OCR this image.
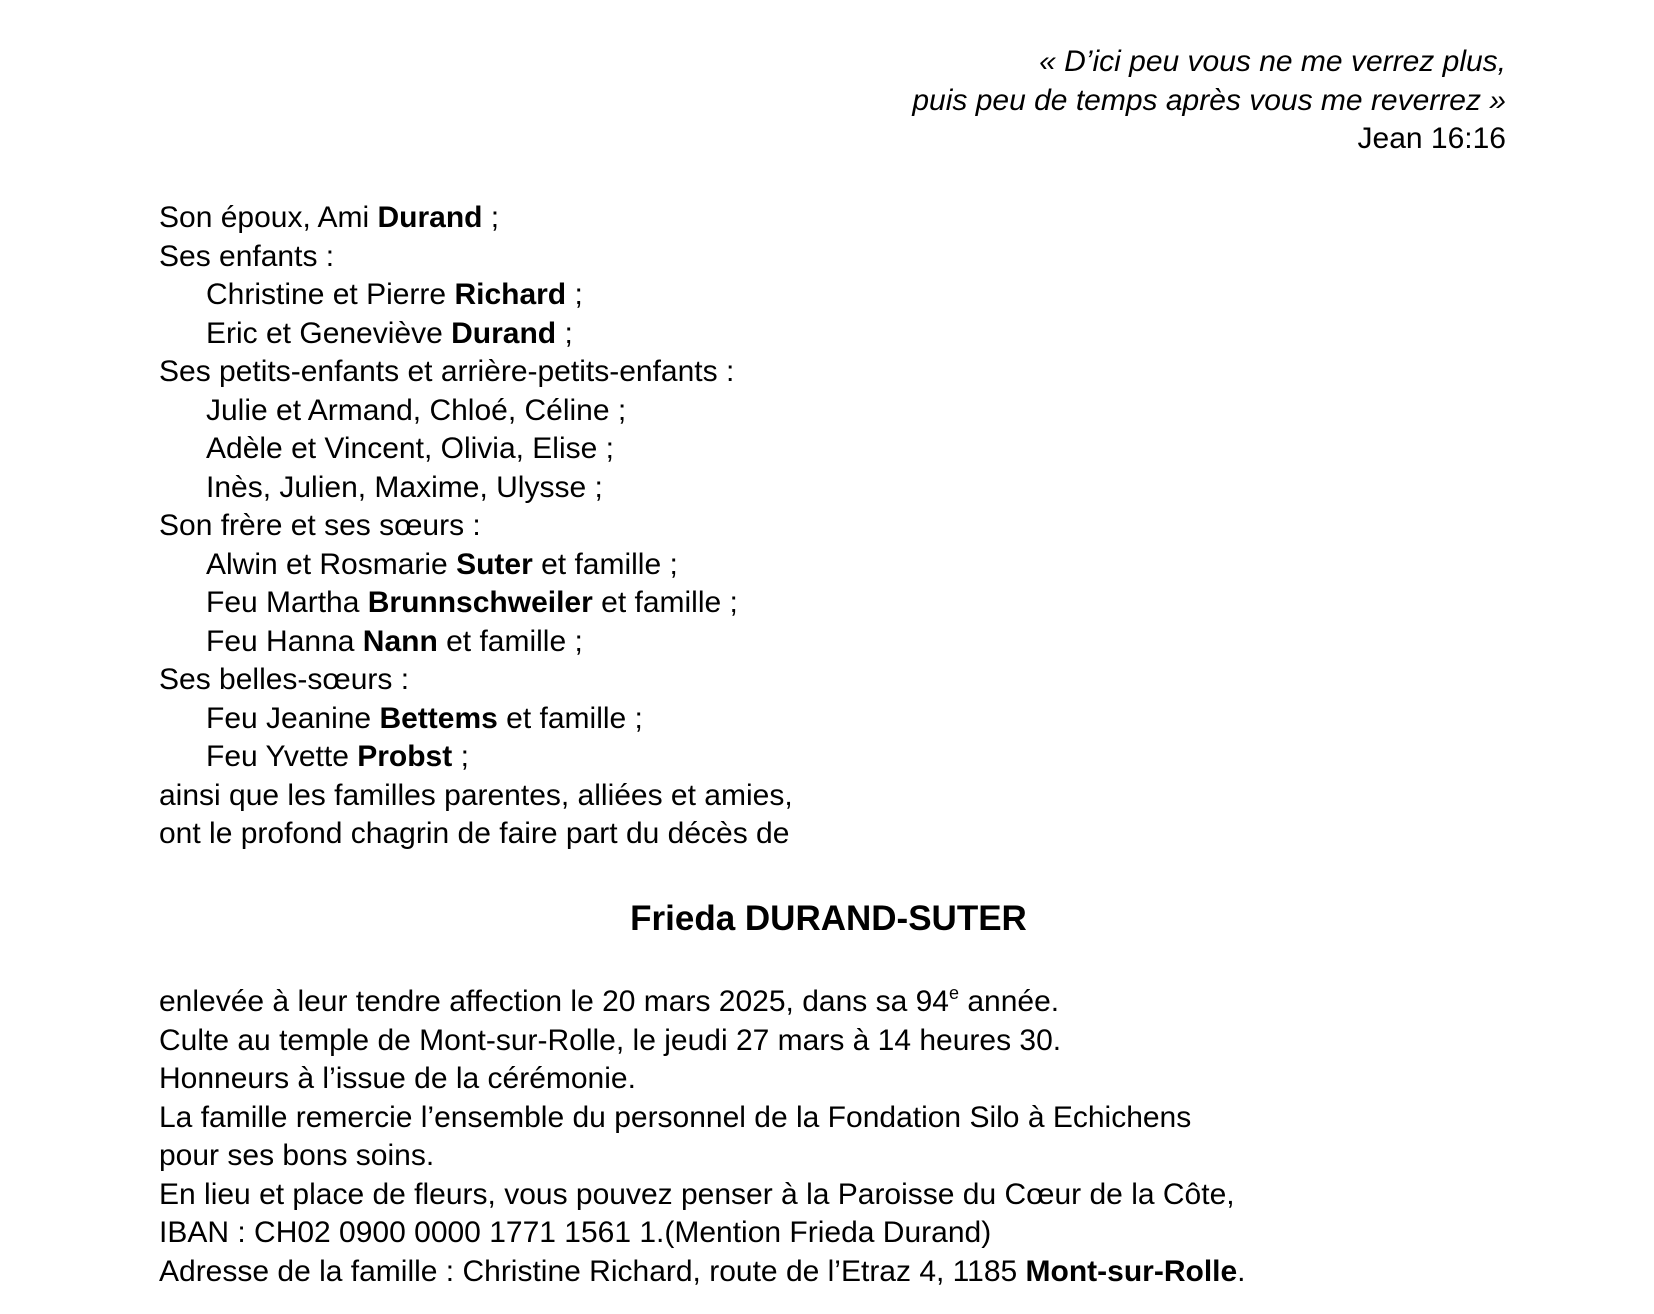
« D’ici peu vous ne me verrez plus,
puis peu de temps après vous me reverrez »
Jean 16:16
Son époux, Ami Durand ;
Ses enfants :
Christine et Pierre Richard ;
Eric et Geneviève Durand ;
Ses petits-enfants et arrière-petits-enfants :
Julie et Armand, Chloé, Céline ;
Adèle et Vincent, Olivia, Elise ;
Inès, Julien, Maxime, Ulysse ;
Son frère et ses sœurs :
Alwin et Rosmarie Suter et famille ;
Feu Martha Brunnschweiler et famille ;
Feu Hanna Nann et famille ;
Ses belles-sœurs :
Feu Jeanine Bettems et famille ;
Feu Yvette Probst ;
ainsi que les familles parentes, alliées et amies,
ont le profond chagrin de faire part du décès de
Frieda DURAND-SUTER
enlevée à leur tendre affection le 20 mars 2025, dans sa 94e année.
Culte au temple de Mont-sur-Rolle, le jeudi 27 mars à 14 heures 30.
Honneurs à l’issue de la cérémonie.
La famille remercie l’ensemble du personnel de la Fondation Silo à Echichens
pour ses bons soins.
En lieu et place de fleurs, vous pouvez penser à la Paroisse du Cœur de la Côte,
IBAN : CH02 0900 0000 1771 1561 1.(Mention Frieda Durand)
Adresse de la famille : Christine Richard, route de l’Etraz 4, 1185 Mont-sur-Rolle.
